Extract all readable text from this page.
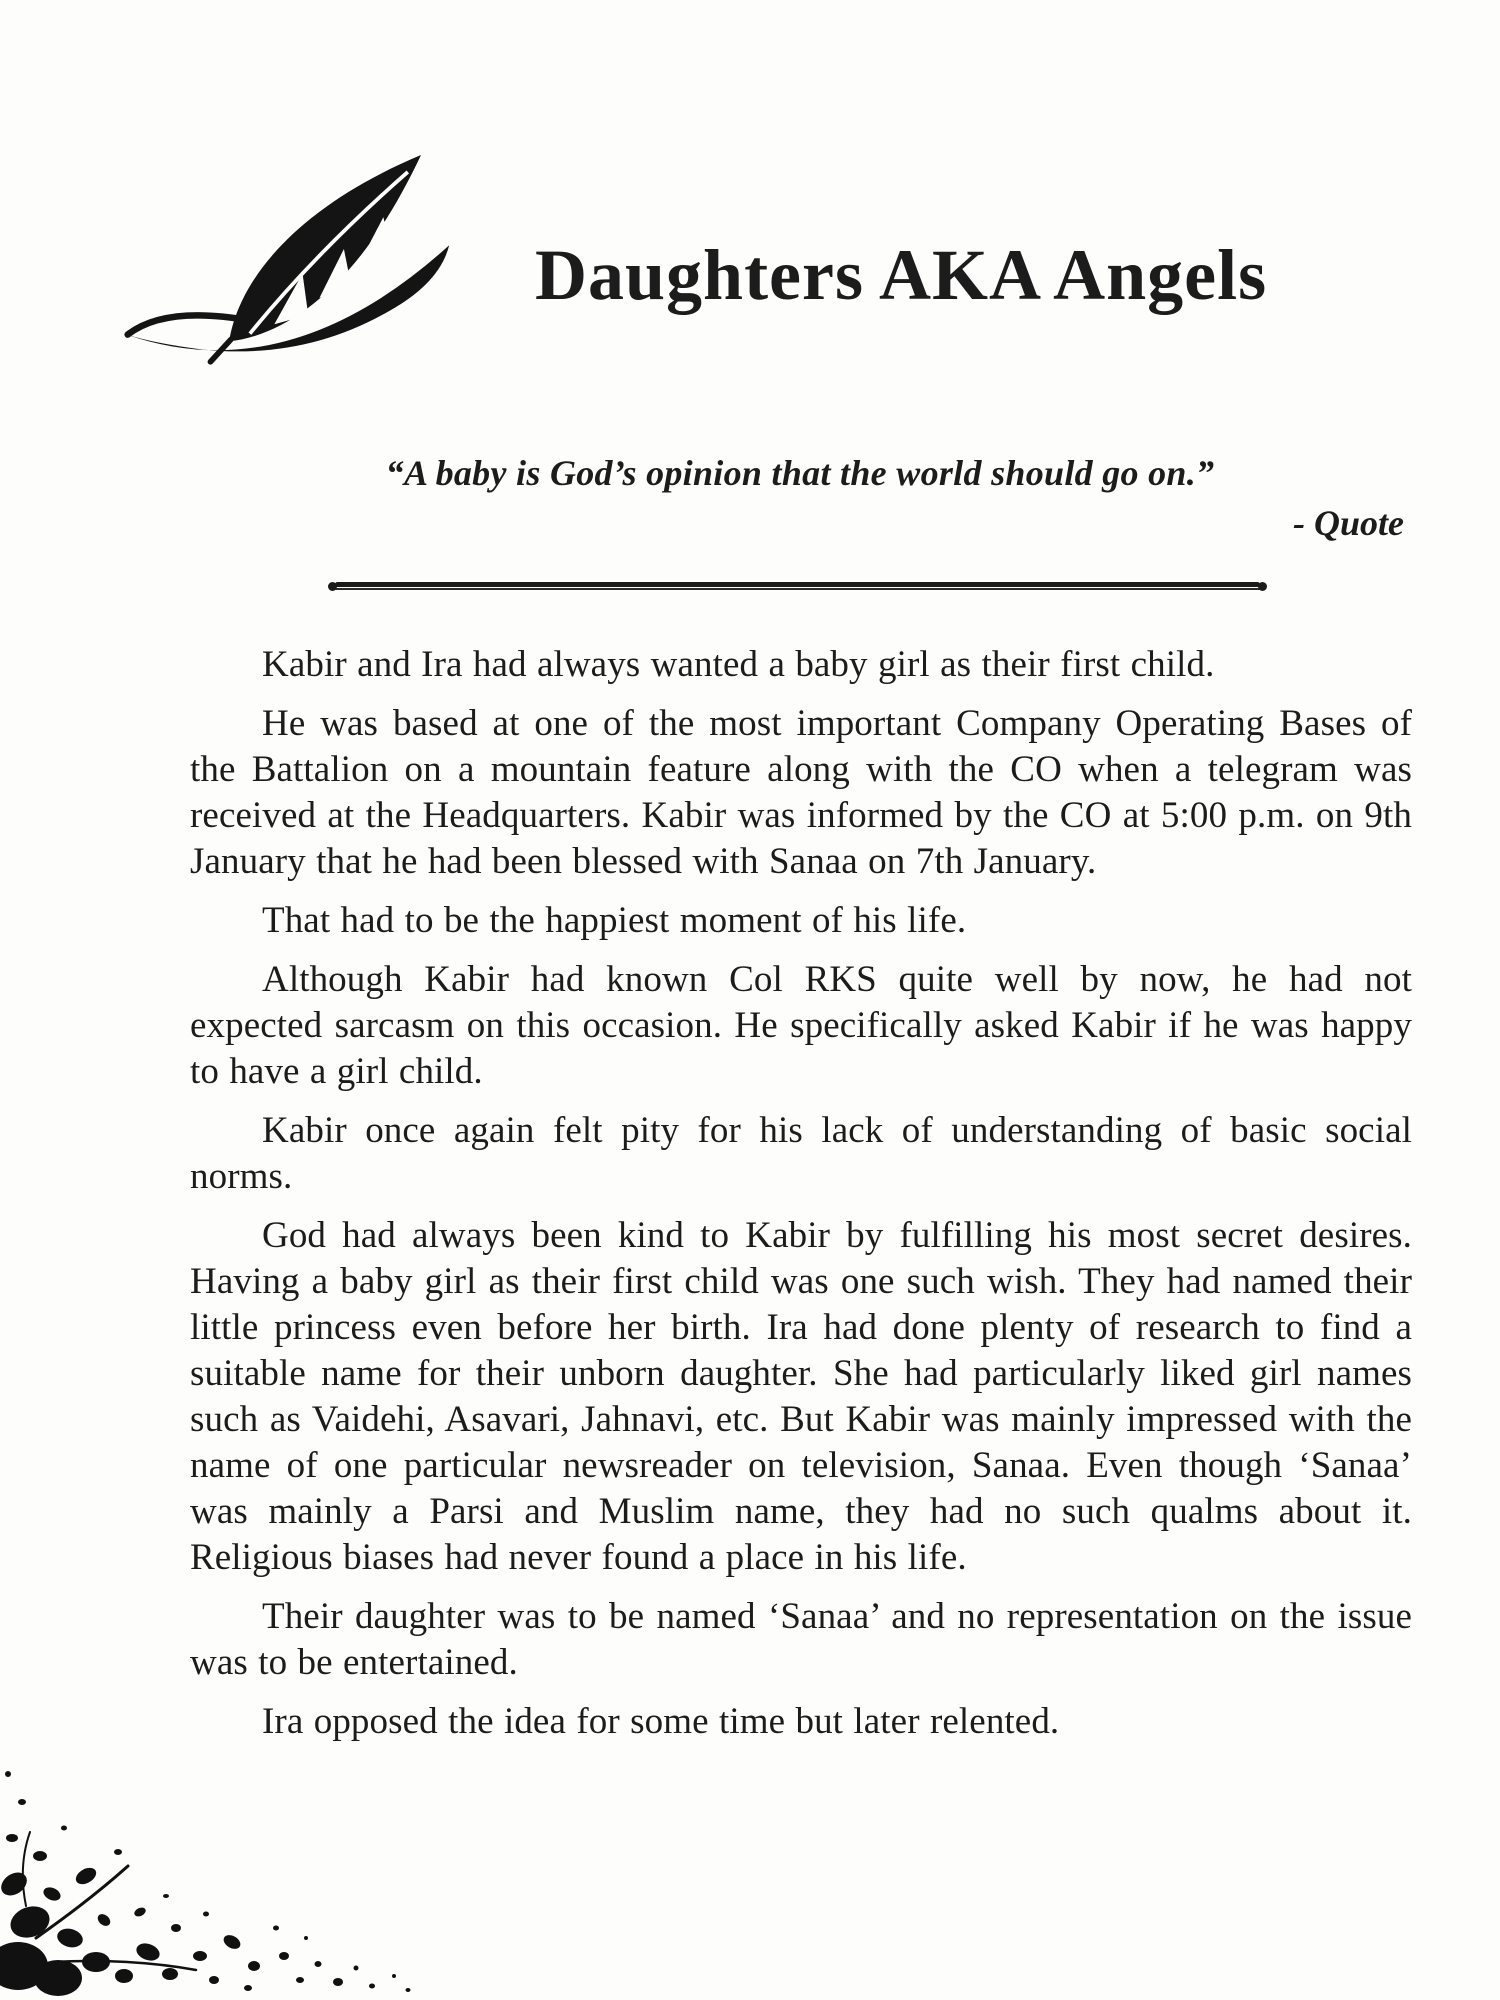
Daughters AKA Angels
“A baby is God’s opinion that the world should go on.”
- Quote

Kabir and Ira had always wanted a baby girl as their first child.

He was based at one of the most important Company Operating Bases of the Battalion on a mountain feature along with the CO when a telegram was received at the Headquarters. Kabir was informed by the CO at 5:00 p.m. on 9th January that he had been blessed with Sanaa on 7th January.

That had to be the happiest moment of his life.

Although Kabir had known Col RKS quite well by now, he had not expected sarcasm on this occasion. He specifically asked Kabir if he was happy to have a girl child.

Kabir once again felt pity for his lack of understanding of basic social norms.

God had always been kind to Kabir by fulfilling his most secret desires. Having a baby girl as their first child was one such wish. They had named their little princess even before her birth. Ira had done plenty of research to find a suitable name for their unborn daughter. She had particularly liked girl names such as Vaidehi, Asavari, Jahnavi, etc. But Kabir was mainly impressed with the name of one particular newsreader on television, Sanaa. Even though ‘Sanaa’ was mainly a Parsi and Muslim name, they had no such qualms about it. Religious biases had never found a place in his life.

Their daughter was to be named ‘Sanaa’ and no representation on the issue was to be entertained.

Ira opposed the idea for some time but later relented.
